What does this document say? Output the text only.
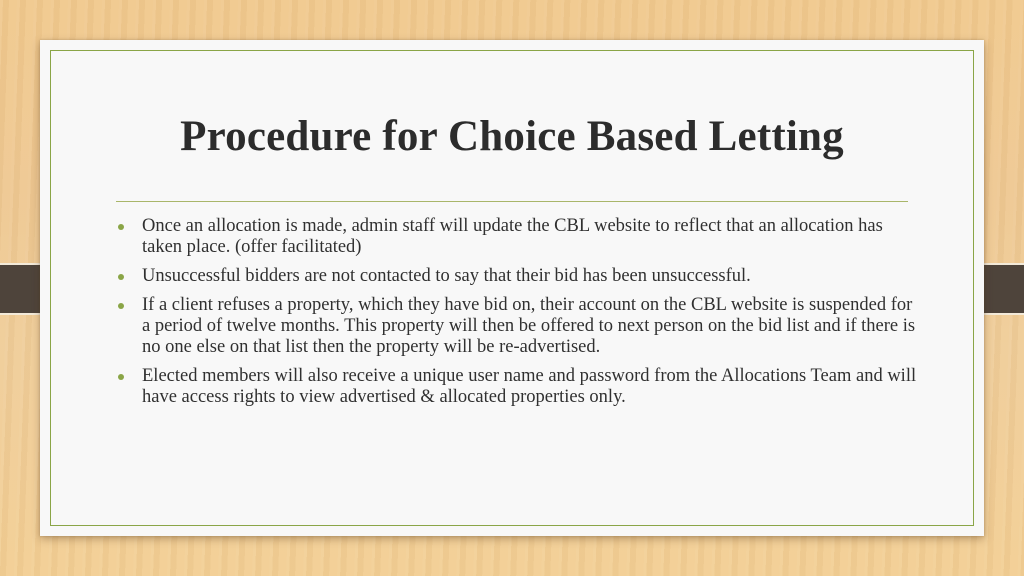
Procedure for Choice Based Letting
Once an allocation is made, admin staff will update the CBL website to reflect that an allocation has taken place. (offer facilitated)
Unsuccessful bidders are not contacted to say that their bid has been unsuccessful.
If a client refuses a property, which they have bid on, their account on the CBL website is suspended for a period of twelve months. This property will then be offered to next person on the bid list and if there is no one else on that list then the property will be re-advertised.
Elected members will also receive a unique user name and password from the Allocations Team and will have access rights to view advertised & allocated properties only.
